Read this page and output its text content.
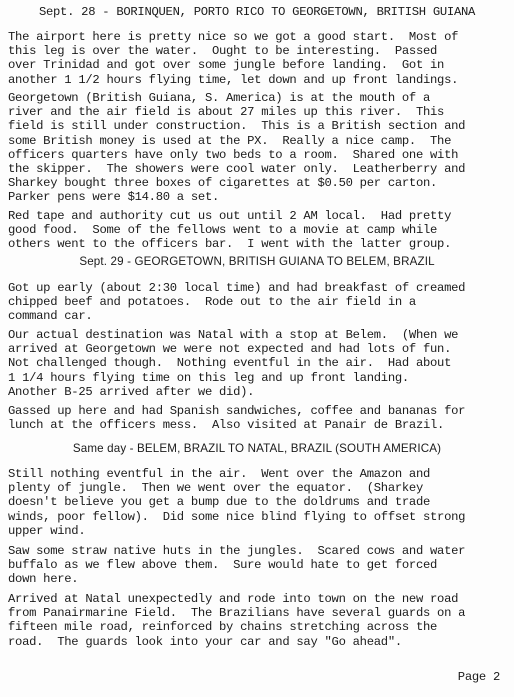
Sept. 28 - BORINQUEN, PORTO RICO TO GEORGETOWN, BRITISH GUIANA
The airport here is pretty nice so we got a good start.  Most of
this leg is over the water.  Ought to be interesting.  Passed
over Trinidad and got over some jungle before landing.  Got in
another 1 1/2 hours flying time, let down and up front landings.
Georgetown (British Guiana, S. America) is at the mouth of a
river and the air field is about 27 miles up this river.  This
field is still under construction.  This is a British section and
some British money is used at the PX.  Really a nice camp.  The
officers quarters have only two beds to a room.  Shared one with
the skipper.  The showers were cool water only.  Leatherberry and
Sharkey bought three boxes of cigarettes at $0.50 per carton.
Parker pens were $14.80 a set.
Red tape and authority cut us out until 2 AM local.  Had pretty
good food.  Some of the fellows went to a movie at camp while
others went to the officers bar.  I went with the latter group.
Sept. 29 - GEORGETOWN, BRITISH GUIANA TO BELEM, BRAZIL
Got up early (about 2:30 local time) and had breakfast of creamed
chipped beef and potatoes.  Rode out to the air field in a
command car.
Our actual destination was Natal with a stop at Belem.  (When we
arrived at Georgetown we were not expected and had lots of fun.
Not challenged though.  Nothing eventful in the air.  Had about
1 1/4 hours flying time on this leg and up front landing.
Another B-25 arrived after we did).
Gassed up here and had Spanish sandwiches, coffee and bananas for
lunch at the officers mess.  Also visited at Panair de Brazil.
Same day - BELEM, BRAZIL TO NATAL, BRAZIL (SOUTH AMERICA)
Still nothing eventful in the air.  Went over the Amazon and
plenty of jungle.  Then we went over the equator.  (Sharkey
doesn't believe you get a bump due to the doldrums and trade
winds, poor fellow).  Did some nice blind flying to offset strong
upper wind.
Saw some straw native huts in the jungles.  Scared cows and water
buffalo as we flew above them.  Sure would hate to get forced
down here.
Arrived at Natal unexpectedly and rode into town on the new road
from Panairmarine Field.  The Brazilians have several guards on a
fifteen mile road, reinforced by chains stretching across the
road.  The guards look into your car and say "Go ahead".
Page 2
